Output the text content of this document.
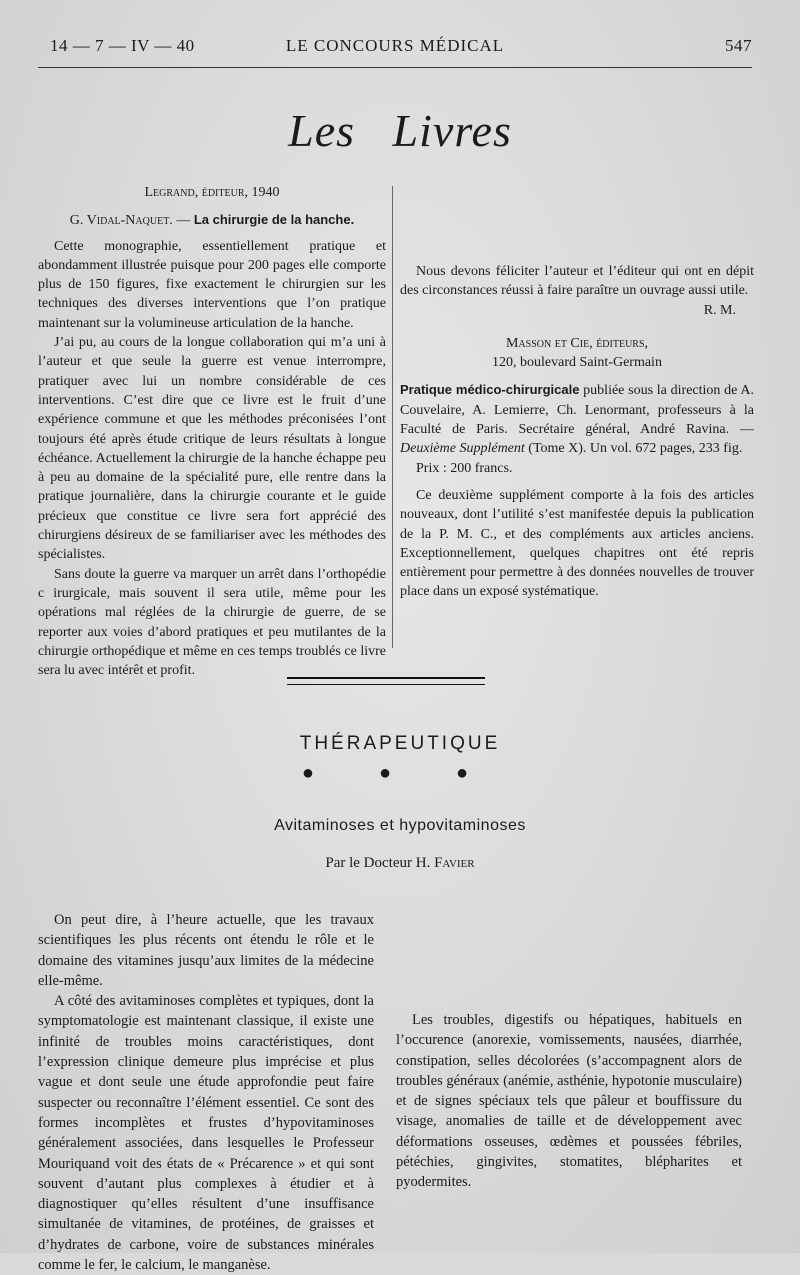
14 — 7 — IV — 40	LE CONCOURS MÉDICAL	547
Les Livres

Legrand, éditeur, 1940

G. Vidal-Naquet. — La chirurgie de la hanche.

Cette monographie, essentiellement pratique et abondamment illustrée puisque pour 200 pages elle comporte plus de 150 figures, fixe exactement le chirurgien sur les techniques des diverses interventions que l’on pratique maintenant sur la volumineuse articulation de la hanche.

J’ai pu, au cours de la longue collaboration qui m’a uni à l’auteur et que seule la guerre est venue interrompre, pratiquer avec lui un nombre considérable de ces interventions. C’est dire que ce livre est le fruit d’une expérience commune et que les méthodes préconisées l’ont toujours été après étude critique de leurs résultats à longue échéance. Actuellement la chirurgie de la hanche échappe peu à peu au domaine de la spécialité pure, elle rentre dans la pratique journalière, dans la chirurgie courante et le guide précieux que constitue ce livre sera fort apprécié des chirurgiens désireux de se familiariser avec les méthodes des spécialistes.

Sans doute la guerre va marquer un arrêt dans l’orthopédie c irurgicale, mais souvent il sera utile, même pour les opérations mal réglées de la chirurgie de guerre, de se reporter aux voies d’abord pratiques et peu mutilantes de la chirurgie orthopédique et même en ces temps troublés ce livre sera lu avec intérêt et profit.

Nous devons féliciter l’auteur et l’éditeur qui ont en dépit des circonstances réussi à faire paraître un ouvrage aussi utile.

R. M.

Masson et Cie, éditeurs,

120, boulevard Saint-Germain

Pratique médico-chirurgicale publiée sous la direction de A. Couvelaire, A. Lemierre, Ch. Lenormant, professeurs à la Faculté de Paris. Secrétaire général, André Ravina. — Deuxième Supplément (Tome X). Un vol. 672 pages, 233 fig.

Prix : 200 francs.

Ce deuxième supplément comporte à la fois des articles nouveaux, dont l’utilité s’est manifestée depuis la publication de la P. M. C., et des compléments aux articles anciens. Exceptionnellement, quelques chapitres ont été repris entièrement pour permettre à des données nouvelles de trouver place dans un exposé systématique.

THÉRAPEUTIQUE
● ● ●
Avitaminoses et hypovitaminoses
Par le Docteur H. Favier

On peut dire, à l’heure actuelle, que les travaux scientifiques les plus récents ont étendu le rôle et le domaine des vitamines jusqu’aux limites de la médecine elle-même.

A côté des avitaminoses complètes et typiques, dont la symptomatologie est maintenant classique, il existe une infinité de troubles moins caractéristiques, dont l’expression clinique demeure plus imprécise et plus vague et dont seule une étude approfondie peut faire suspecter ou reconnaître l’élément essentiel. Ce sont des formes incomplètes et frustes d’hypovitaminoses généralement associées, dans lesquelles le Professeur Mouriquand voit des états de « Précarence » et qui sont souvent d’autant plus complexes à étudier et à diagnostiquer qu’elles résultent d’une insuffisance simultanée de vitamines, de protéines, de graisses et d’hydrates de carbone, voire de substances minérales comme le fer, le calcium, le manganèse.

Les troubles, digestifs ou hépatiques, habituels en l’occurence (anorexie, vomissements, nausées, diarrhée, constipation, selles décolorées (s’accompagnent alors de troubles généraux (anémie, asthénie, hypotonie musculaire) et de signes spéciaux tels que pâleur et bouffissure du visage, anomalies de taille et de développement avec déformations osseuses, œdèmes et poussées fébriles, pétéchies, gingivites, stomatites, blépharites et pyodermites.
